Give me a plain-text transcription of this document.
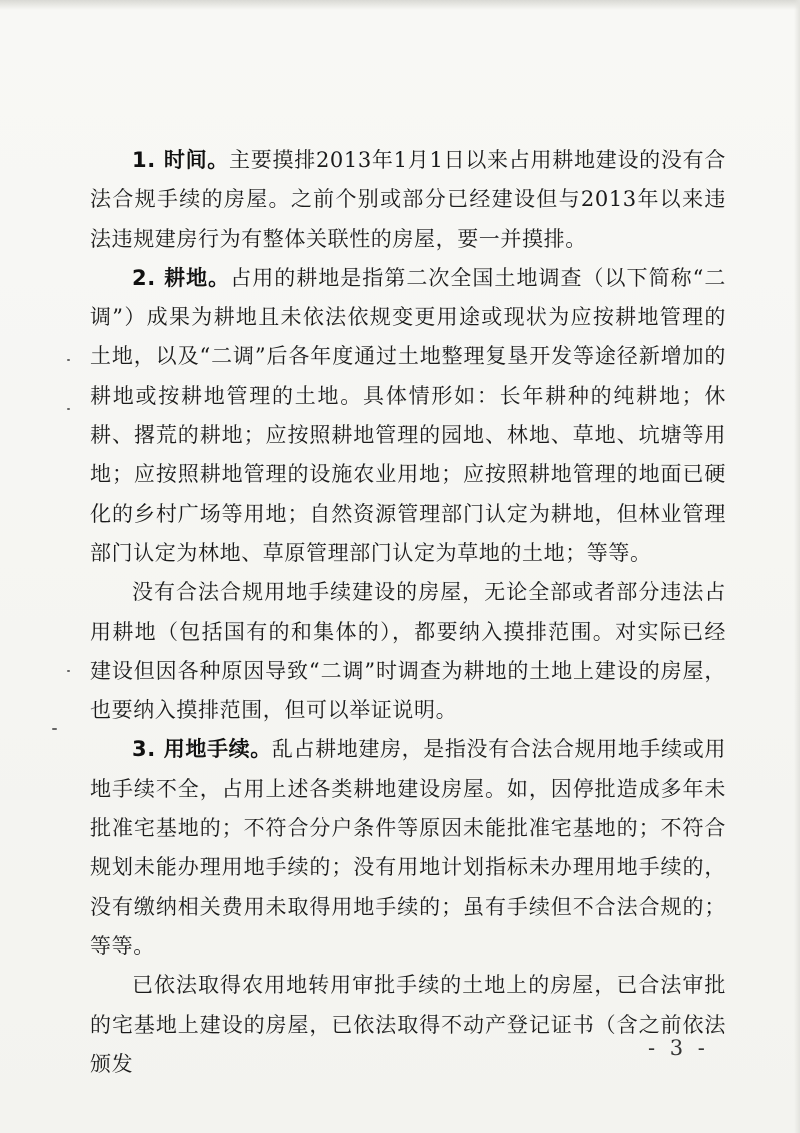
1. 时间。主要摸排2013年1月1日以来占用耕地建设的没有合法合规手续的房屋。之前个别或部分已经建设但与2013年以来违法违规建房行为有整体关联性的房屋，要一并摸排。

2. 耕地。占用的耕地是指第二次全国土地调查（以下简称“二调”）成果为耕地且未依法依规变更用途或现状为应按耕地管理的土地，以及“二调”后各年度通过土地整理复垦开发等途径新增加的耕地或按耕地管理的土地。具体情形如：长年耕种的纯耕地；休耕、撂荒的耕地；应按照耕地管理的园地、林地、草地、坑塘等用地；应按照耕地管理的设施农业用地；应按照耕地管理的地面已硬化的乡村广场等用地；自然资源管理部门认定为耕地，但林业管理部门认定为林地、草原管理部门认定为草地的土地；等等。

没有合法合规用地手续建设的房屋，无论全部或者部分违法占用耕地（包括国有的和集体的），都要纳入摸排范围。对实际已经建设但因各种原因导致“二调”时调查为耕地的土地上建设的房屋，也要纳入摸排范围，但可以举证说明。

3. 用地手续。乱占耕地建房，是指没有合法合规用地手续或用地手续不全，占用上述各类耕地建设房屋。如，因停批造成多年未批准宅基地的；不符合分户条件等原因未能批准宅基地的；不符合规划未能办理用地手续的；没有用地计划指标未办理用地手续的，没有缴纳相关费用未取得用地手续的；虽有手续但不合法合规的；等等。

已依法取得农用地转用审批手续的土地上的房屋，已合法审批的宅基地上建设的房屋，已依法取得不动产登记证书（含之前依法颁发

- 3 -
